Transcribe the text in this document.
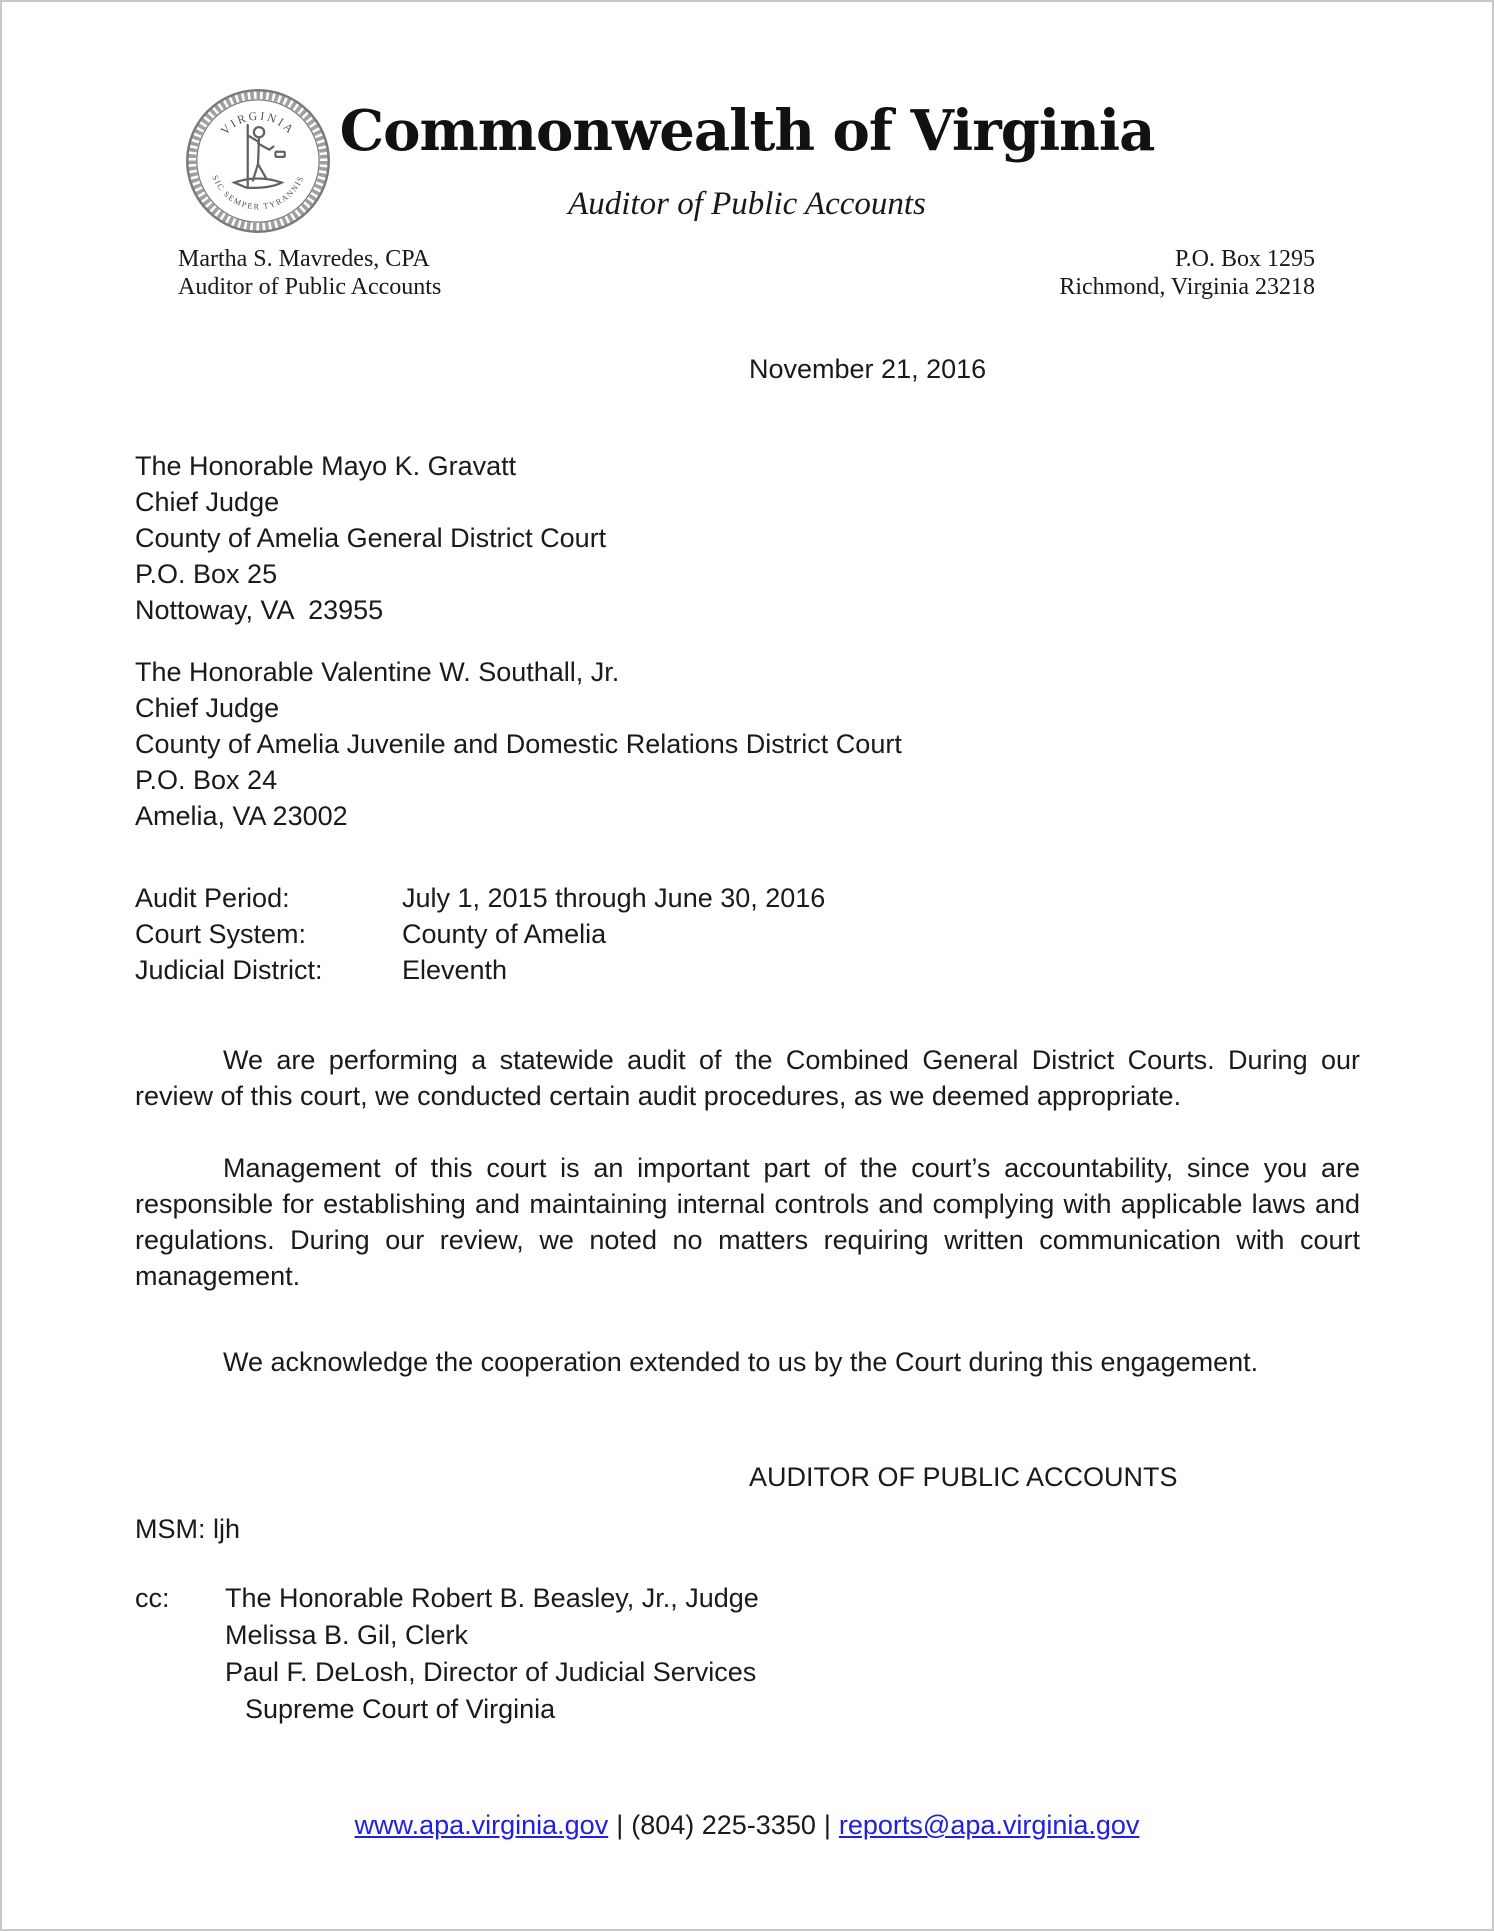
VIRGINIA
SIC SEMPER TYRANNIS
Commonwealth of Virginia
Auditor of Public Accounts
Martha S. Mavredes, CPA
Auditor of Public Accounts
P.O. Box 1295
Richmond, Virginia 23218
November 21, 2016
The Honorable Mayo K. Gravatt
Chief Judge
County of Amelia General District Court
P.O. Box 25
Nottoway, VA  23955
The Honorable Valentine W. Southall, Jr.
Chief Judge
County of Amelia Juvenile and Domestic Relations District Court
P.O. Box 24
Amelia, VA 23002
Audit Period:	July 1, 2015 through June 30, 2016
Court System:	County of Amelia
Judicial District:	Eleventh

We are performing a statewide audit of the Combined General District Courts. During our review of this court, we conducted certain audit procedures, as we deemed appropriate.

Management of this court is an important part of the court’s accountability, since you are responsible for establishing and maintaining internal controls and complying with applicable laws and regulations. During our review, we noted no matters requiring written communication with court management.

We acknowledge the cooperation extended to us by the Court during this engagement.

AUDITOR OF PUBLIC ACCOUNTS
MSM: ljh
cc:	The Honorable Robert B. Beasley, Jr., Judge
Melissa B. Gil, Clerk
Paul F. DeLosh, Director of Judicial Services
Supreme Court of Virginia
www.apa.virginia.gov | (804) 225-3350 | reports@apa.virginia.gov
